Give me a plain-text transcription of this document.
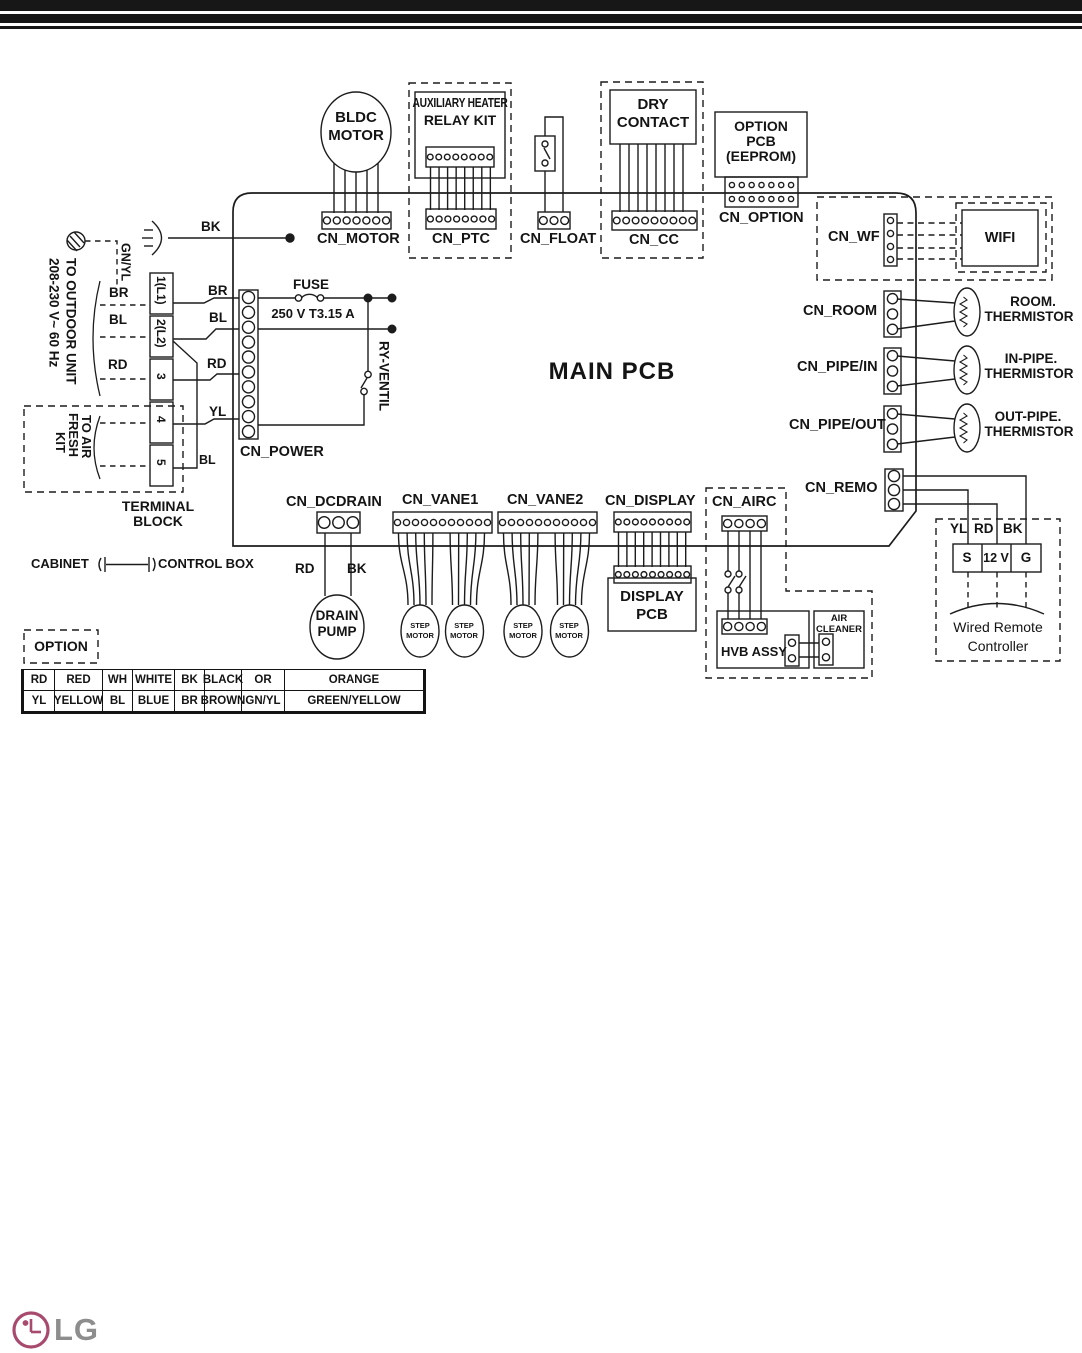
MAIN PCB
BLDC
MOTOR
CN_MOTOR
AUXILIARY HEATER
RELAY KIT
CN_PTC CN_FLOAT
DRY
CONTACT
CN_CC
OPTION
PCB
(EEPROM)
CN_OPTION
CN_WF	WIFI
CN_ROOM
ROOM.
THERMISTOR
CN_PIPE/IN
IN-PIPE.
THERMISTOR
CN_PIPE/OUT
OUT-PIPE.
THERMISTOR
CN_REMO
YL RD BK
S 12 V G
Wired Remote
Controller
CN_POWER
FUSE
250 V T3.15 A
RY-VENTIL
BK
GN/YL
TO OUTDOOR UNIT
208-230 V~ 60 Hz	BR
BL
RD
TO AIR
FRESH
KIT
1(L1)
2(L2)
3
4
5
TERMINAL
BLOCK
BR
BL
RD
YL
BL
CN_DCDRAIN
RD BK
DRAIN
PUMP
CN_VANE1 CN_VANE2
STEP
MOTOR
STEP
MOTOR
STEP
MOTOR
STEP
MOTOR
CN_DISPLAY
DISPLAY
PCB
CN_AIRC
HVB ASSY
AIR
CLEANER
CABINET	CONTROL BOX
OPTION
RD	RED	WH WHITE BK BLACK OR	ORANGE
YL YELLOW BL	BLUE	BR BROWN GN/YL	GREEN/YELLOW
LG
